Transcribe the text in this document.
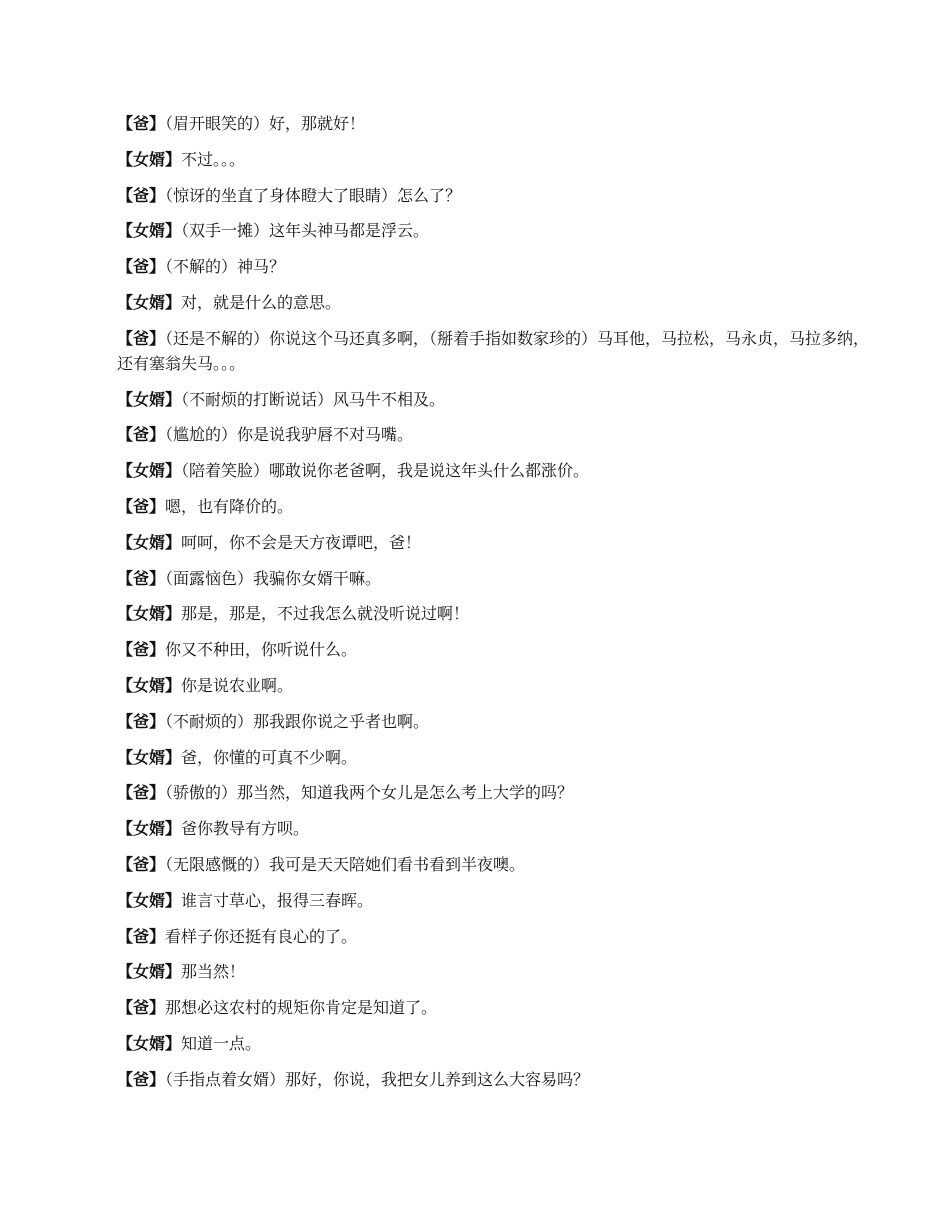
【爸】（眉开眼笑的）好，那就好！

【女婿】不过。。。

【爸】（惊讶的坐直了身体瞪大了眼睛）怎么了？

【女婿】（双手一摊）这年头神马都是浮云。

【爸】（不解的）神马？

【女婿】对，就是什么的意思。

【爸】（还是不解的）你说这个马还真多啊，（掰着手指如数家珍的）马耳他，马拉松，马永贞，马拉多纳，还有塞翁失马。。。

【女婿】（不耐烦的打断说话）风马牛不相及。

【爸】（尴尬的）你是说我驴唇不对马嘴。

【女婿】（陪着笑脸）哪敢说你老爸啊，我是说这年头什么都涨价。

【爸】嗯，也有降价的。

【女婿】呵呵，你不会是天方夜谭吧，爸！

【爸】（面露恼色）我骗你女婿干嘛。

【女婿】那是，那是，不过我怎么就没听说过啊！

【爸】你又不种田，你听说什么。

【女婿】你是说农业啊。

【爸】（不耐烦的）那我跟你说之乎者也啊。

【女婿】爸，你懂的可真不少啊。

【爸】（骄傲的）那当然，知道我两个女儿是怎么考上大学的吗？

【女婿】爸你教导有方呗。

【爸】（无限感慨的）我可是天天陪她们看书看到半夜噢。

【女婿】谁言寸草心，报得三春晖。

【爸】看样子你还挺有良心的了。

【女婿】那当然！

【爸】那想必这农村的规矩你肯定是知道了。

【女婿】知道一点。

【爸】（手指点着女婿）那好，你说，我把女儿养到这么大容易吗？
